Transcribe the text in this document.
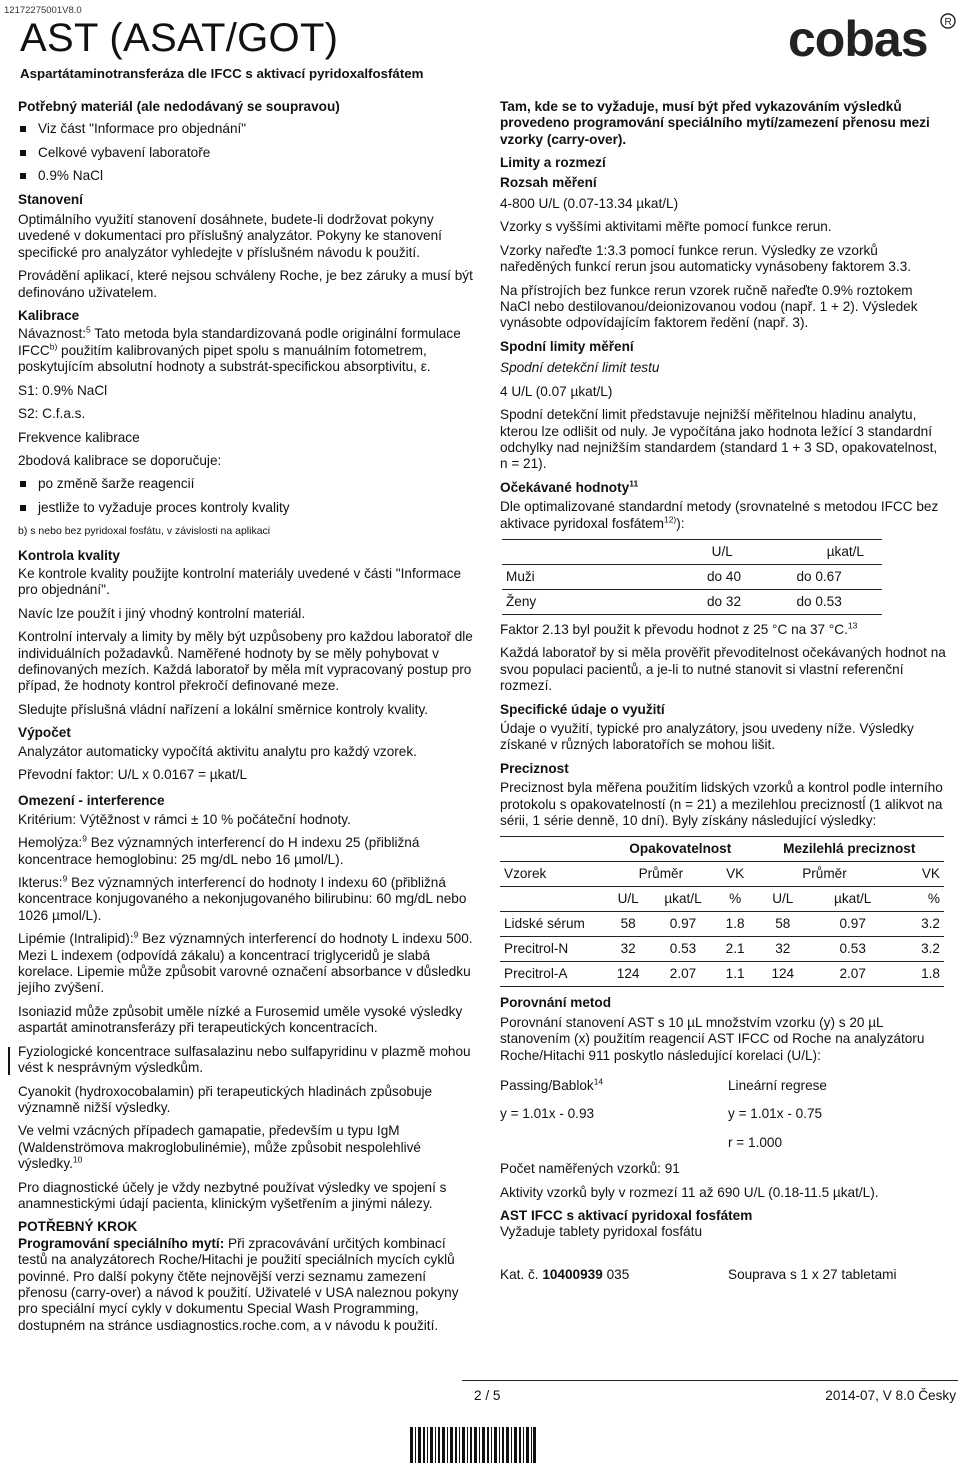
12172275001V8.0
AST (ASAT/GOT)
Aspartátaminotransferáza dle IFCC s aktivací pyridoxalfosfátem
cobas R
Potřebný materiál (ale nedodávaný se soupravou)
Viz část "Informace pro objednání"
Celkové vybavení laboratoře
0.9% NaCl
Stanovení
Optimálního využití stanovení dosáhnete, budete-li dodržovat pokyny uvedené v dokumentaci pro příslušný analyzátor. Pokyny ke stanovení specifické pro analyzátor vyhledejte v příslušném návodu k použití.
Provádění aplikací, které nejsou schváleny Roche, je bez záruky a musí být definováno uživatelem.
Kalibrace
Návaznost:$^5$ Tato metoda byla standardizovaná podle originální formulace IFCC$^{b)}$ použitím kalibrovaných pipet spolu s manuálním fotometrem, poskytujícím absolutní hodnoty a substrát-specifickou absorptivitu, ε.
S1: 0.9% NaCl
S2: C.f.a.s.
Frekvence kalibrace
2bodová kalibrace se doporučuje:
po změně šarže reagencií
jestliže to vyžaduje proces kontroly kvality
b) s nebo bez pyridoxal fosfátu, v závislosti na aplikaci
Kontrola kvality
Ke kontrole kvality použijte kontrolní materiály uvedené v části "Informace pro objednání".
Navíc lze použít i jiný vhodný kontrolní materiál.
Kontrolní intervaly a limity by měly být uzpůsobeny pro každou laboratoř dle individuálních požadavků. Naměřené hodnoty by se měly pohybovat v definovaných mezích. Každá laboratoř by měla mít vypracovaný postup pro případ, že hodnoty kontrol překročí definované meze.
Sledujte příslušná vládní nařízení a lokální směrnice kontroly kvality.
Výpočet
Analyzátor automaticky vypočítá aktivitu analytu pro každý vzorek.
Převodní faktor: U/L x 0.0167 = µkat/L
Omezení - interference
Kritérium: Výtěžnost v rámci ± 10 % počáteční hodnoty.
Hemolýza:$^9$ Bez významných interferencí do H indexu 25 (přibližná koncentrace hemoglobinu: 25 mg/dL nebo 16 µmol/L).
Ikterus:$^9$ Bez významných interferencí do hodnoty I indexu 60 (přibližná koncentrace konjugovaného a nekonjugovaného bilirubinu: 60 mg/dL nebo 1026 µmol/L).
Lipémie (Intralipid):$^9$ Bez významných interferencí do hodnoty L indexu 500. Mezi L indexem (odpovídá zákalu) a koncentrací triglyceridů je slabá korelace. Lipemie může způsobit varovné označení absorbance v důsledku jejího zvýšení.
Isoniazid může způsobit uměle nízké a Furosemid uměle vysoké výsledky aspartát aminotransferázy při terapeutických koncentracích.
Fyziologické koncentrace sulfasalazinu nebo sulfapyridinu v plazmě mohou vést k nesprávným výsledkům.
Cyanokit (hydroxocobalamin) při terapeutických hladinách způsobuje významně nižší výsledky.
Ve velmi vzácných případech gamapatie, především u typu IgM (Waldenströmova makroglobulinémie), může způsobit nespolehlivé výsledky.$^{10}$
Pro diagnostické účely je vždy nezbytné používat výsledky ve spojení s anamnestickými údají pacienta, klinickým vyšetřením a jinými nálezy.
POTŘEBNÝ KROK
Programování speciálního mytí: Při zpracovávání určitých kombinací testů na analyzátorech Roche/Hitachi je použití speciálních mycích cyklů povinné. Pro další pokyny čtěte nejnovější verzi seznamu zamezení přenosu (carry-over) a návod k použití. Uživatelé v USA naleznou pokyny pro speciální mycí cykly v dokumentu Special Wash Programming, dostupném na stránce usdiagnostics.roche.com, a v návodu k použití.
Tam, kde se to vyžaduje, musí být před vykazováním výsledků provedeno programování speciálního mytí/zamezení přenosu mezi vzorky (carry-over).
Limity a rozmezí
Rozsah měření
4-800 U/L (0.07-13.34 µkat/L)
Vzorky s vyššími aktivitami měřte pomocí funkce rerun.
Vzorky nařeďte 1:3.3 pomocí funkce rerun. Výsledky ze vzorků naředěných funkcí rerun jsou automaticky vynásobeny faktorem 3.3.
Na přístrojích bez funkce rerun vzorek ručně nařeďte 0.9% roztokem NaCl nebo destilovanou/deionizovanou vodou (např. 1 + 2). Výsledek vynásobte odpovídajícím faktorem ředění (např. 3).
Spodní limity měření
Spodní detekční limit testu
4 U/L (0.07 µkat/L)
Spodní detekční limit představuje nejnižší měřitelnou hladinu analytu, kterou lze odlišit od nuly. Je vypočítána jako hodnota ležící 3 standardní odchylky nad nejnižším standardem (standard 1 + 3 SD, opakovatelnost, n = 21).
Očekávané hodnoty$^{11}$
Dle optimalizované standardní metody (srovnatelné s metodou IFCC bez aktivace pyridoxal fosfátem$^{12)}$):
	U/L	µkat/L
Muži	do 40	do 0.67
Ženy	do 32	do 0.53
Faktor 2.13 byl použit k převodu hodnot z 25 °C na 37 °C.$^{13}$
Každá laboratoř by si měla prověřit převoditelnost očekávaných hodnot na svou populaci pacientů, a je-li to nutné stanovit si vlastní referenční rozmezí.
Specifické údaje o využití
Údaje o využití, typické pro analyzátory, jsou uvedeny níže. Výsledky získané v různých laboratořích se mohou lišit.
Preciznost
Preciznost byla měřena použitím lidských vzorků a kontrol podle interního protokolu s opakovatelností (n = 21) a mezilehlou preciznostĺ (1 alikvot na sérii, 1 série denně, 10 dní). Byly získány následující výsledky:
	Opakovatelnost			Mezilehlá preciznost		
Vzorek	Průměr		VK	Průměr		VK
	U/L	µkat/L	%	U/L	µkat/L	%
Lidské sérum	58	0.97	1.8	58	0.97	3.2
Precitrol-N	32	0.53	2.1	32	0.53	3.2
Precitrol-A	124	2.07	1.1	124	2.07	1.8
Porovnání metod
Porovnání stanovení AST s 10 µL množstvím vzorku (y) s 20 µL stanovením (x) použitím reagencií AST IFCC od Roche na analyzátoru Roche/Hitachi 911 poskytlo následující korelaci (U/L):
Passing/Bablok$^{14}$	Lineární regrese
y = 1.01x - 0.93	y = 1.01x - 0.75
r = 1.000
Počet naměřených vzorků: 91
Aktivity vzorků byly v rozmezí 11 až 690 U/L (0.18-11.5 µkat/L).
AST IFCC s aktivací pyridoxal fosfátem
Vyžaduje tablety pyridoxal fosfátu
Kat. č. 10400939 035	Souprava s 1 x 27 tabletami
2 / 5	2014-07, V 8.0 Česky
